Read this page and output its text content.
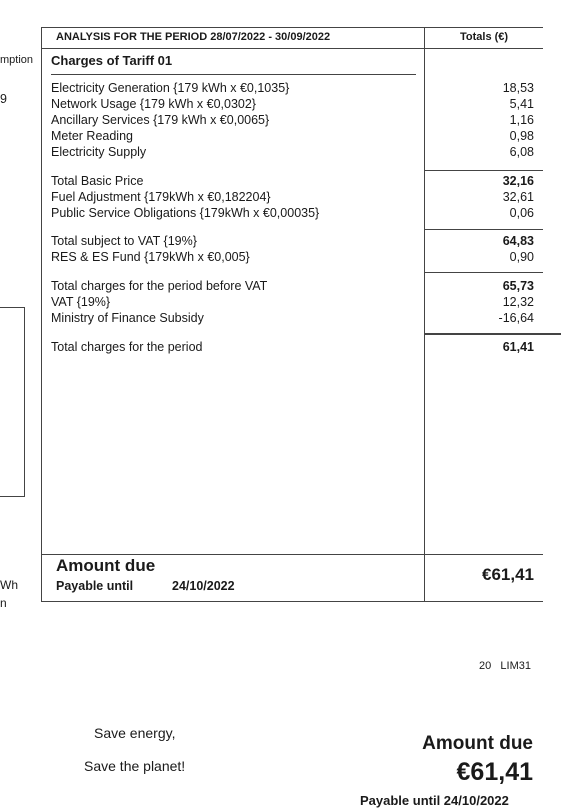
mption
9
Wh
n
ANALYSIS FOR THE PERIOD 28/07/2022 - 30/09/2022	Totals (€)
Charges of Tariff 01
Electricity Generation {179 kWh x €0,1035}	18,53
Network Usage {179 kWh x €0,0302}	5,41
Ancillary Services {179 kWh x €0,0065}	1,16
Meter Reading	0,98
Electricity Supply	6,08
Total Basic Price	32,16
Fuel Adjustment {179kWh x €0,182204}	32,61
Public Service Obligations {179kWh x €0,00035}	0,06
Total subject to VAT {19%}	64,83
RES & ES Fund {179kWh x €0,005}	0,90
Total charges for the period before VAT	65,73
VAT {19%}	12,32
Ministry of Finance Subsidy	-16,64
Total charges for the period	61,41
Amount due
Payable until	24/10/2022
€61,41
20   LIM31
Save energy,
Save the planet!
Amount due
€61,41
Payable until 24/10/2022
